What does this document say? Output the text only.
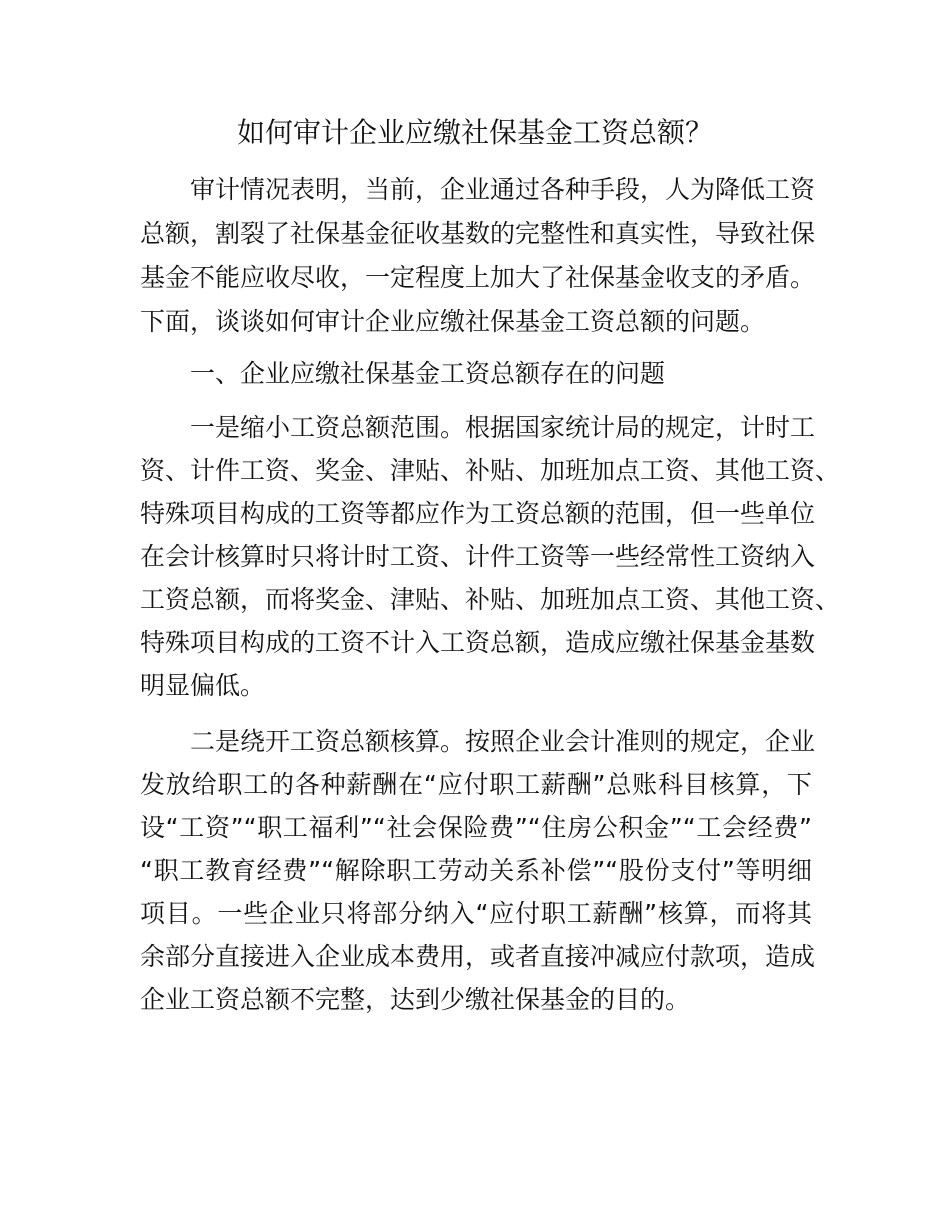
如何审计企业应缴社保基金工资总额？
审计情况表明，当前，企业通过各种手段，人为降低工资
总额，割裂了社保基金征收基数的完整性和真实性，导致社保
基金不能应收尽收，一定程度上加大了社保基金收支的矛盾。
下面，谈谈如何审计企业应缴社保基金工资总额的问题。
一、企业应缴社保基金工资总额存在的问题
一是缩小工资总额范围。根据国家统计局的规定，计时工
资、计件工资、奖金、津贴、补贴、加班加点工资、其他工资、
特殊项目构成的工资等都应作为工资总额的范围，但一些单位
在会计核算时只将计时工资、计件工资等一些经常性工资纳入
工资总额，而将奖金、津贴、补贴、加班加点工资、其他工资、
特殊项目构成的工资不计入工资总额，造成应缴社保基金基数
明显偏低。
二是绕开工资总额核算。按照企业会计准则的规定，企业
发放给职工的各种薪酬在“应付职工薪酬”总账科目核算，下
设“工资”“职工福利”“社会保险费”“住房公积金”“工会经费”
“职工教育经费”“解除职工劳动关系补偿”“股份支付”等明细
项目。一些企业只将部分纳入“应付职工薪酬”核算，而将其
余部分直接进入企业成本费用，或者直接冲减应付款项，造成
企业工资总额不完整，达到少缴社保基金的目的。
